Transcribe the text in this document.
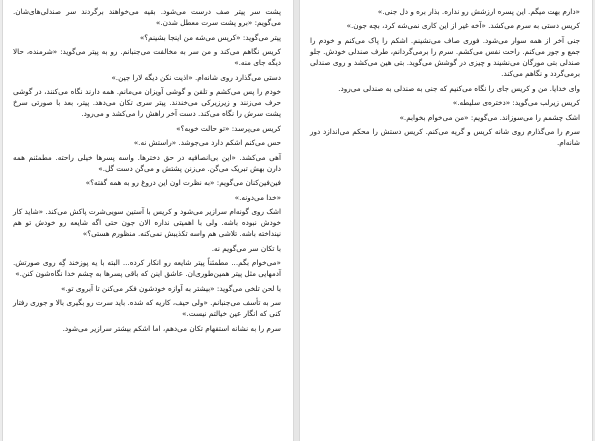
پشت سر پیتر صف درست می‌شود. بقیه می‌خواهند برگردند سر صندلی‌های‌شان. می‌گویم: «برو پشت سرت معطل شدن.»

پیتر می‌گوید: «کریس می‌شه من اینجا بشینم؟»

کریس نگاهم می‌کند و من سر به مخالفت می‌جنبانم. رو به پیتر می‌گوید: «شرمنده، حالا دیگه جای منه.»

دستی می‌گذارد روی شانه‌ام. «اذیت نکن دیگه لارا جین.»

خودم را پس می‌کشم و تلفن و گوشی آویزان می‌مانم. همه دارند نگاه می‌کنند، در گوشی حرف می‌زنند و زیرزیرکی می‌خندند. پیتر سری تکان می‌دهد. پیتر، بعد با صورتی سرخ پشت سرش را نگاه می‌کند. دست آخر راهش را می‌کشد و می‌رود.

کریس می‌پرسد: «تو حالت خوبه؟»

حس می‌کنم اشکم دارد می‌جوشد. «راستش نه.»

آهی می‌کشد. «این بی‌انصافیه در حق دخترها. واسه پسرها خیلی راحته. مطمئنم همه دارن بهش تبریک می‌گن. می‌زنن پشتش و می‌گن دست گل.»

فین‌فین‌کنان می‌گویم: «به نظرت اون این دروغ رو به همه گفته؟»

«خدا می‌دونه.»

اشک روی گونه‌ام سرازیر می‌شود و کریس با آستین سویی‌شرت پاکش می‌کند. «شاید کار خودش نبوده باشه. ولی با اهمیتی نداره الان جون حتی اگه شایعه رو خودش تو هم نینداخته باشه. تلاشی هم واسه تکذیبش نمی‌کنه. منظورم هستی؟»

با تکان سر می‌گویم نه.

«می‌خوام بگم... مطمئناً پیتر شایعه رو انکار کرده... البته با یه پوزخند گِه روی صورتش. آدمهایی مثل پیتر همین‌طوری‌ان. عاشق اینن که باقی پسرها به چشم خدا نگاه‌شون کنن.»

با لحن تلخی می‌گوید: «بیشتر به آوازه خودشون فکر می‌کنن تا آبروی تو.»

سر به تأسف می‌جنبانم. «ولی حیف، کاریه که شده. باید سرت رو بگیری بالا و جوری رفتار کنی که انگار عین خیالتم نیست.»

سرم را به نشانه استفهام تکان می‌دهم، اما اشکم بیشتر سرازیر می‌شود.

«دارم بهت میگم. این پسره ارزشش رو نداره. بذار بره و دل جنی.»

کریس دستی به سرم می‌کشد. «آخه غیر از این کاری نمی‌شه کرد، بچه جون.»

جنی آخر از همه سوار می‌شود. فوری صاف می‌نشینم. اشکم را پاک می‌کنم و خودم را جمع و جور می‌کنم. راحت نفس می‌کشم. سرم را برمی‌گردانم، طرف صندلی خودش. جلو صندلی بتی مورگان می‌نشیند و چیزی در گوشش می‌گوید. بتی هین می‌کشد و روی صندلی برمی‌گردد و نگاهم می‌کند.

وای خدایا. من و کریس جای را نگاه می‌کنیم که جنی به صندلی به صندلی می‌رود.

کریس زیرلب می‌گوید: «دختره‌ی سلیطه.»

اشک چشمم را می‌سوزاند. می‌گویم: «من می‌خوام بخوابم.»

سرم را می‌گذارم روی شانه کریس و گریه می‌کنم. کریس دستش را محکم می‌اندازد دور شانه‌ام.
